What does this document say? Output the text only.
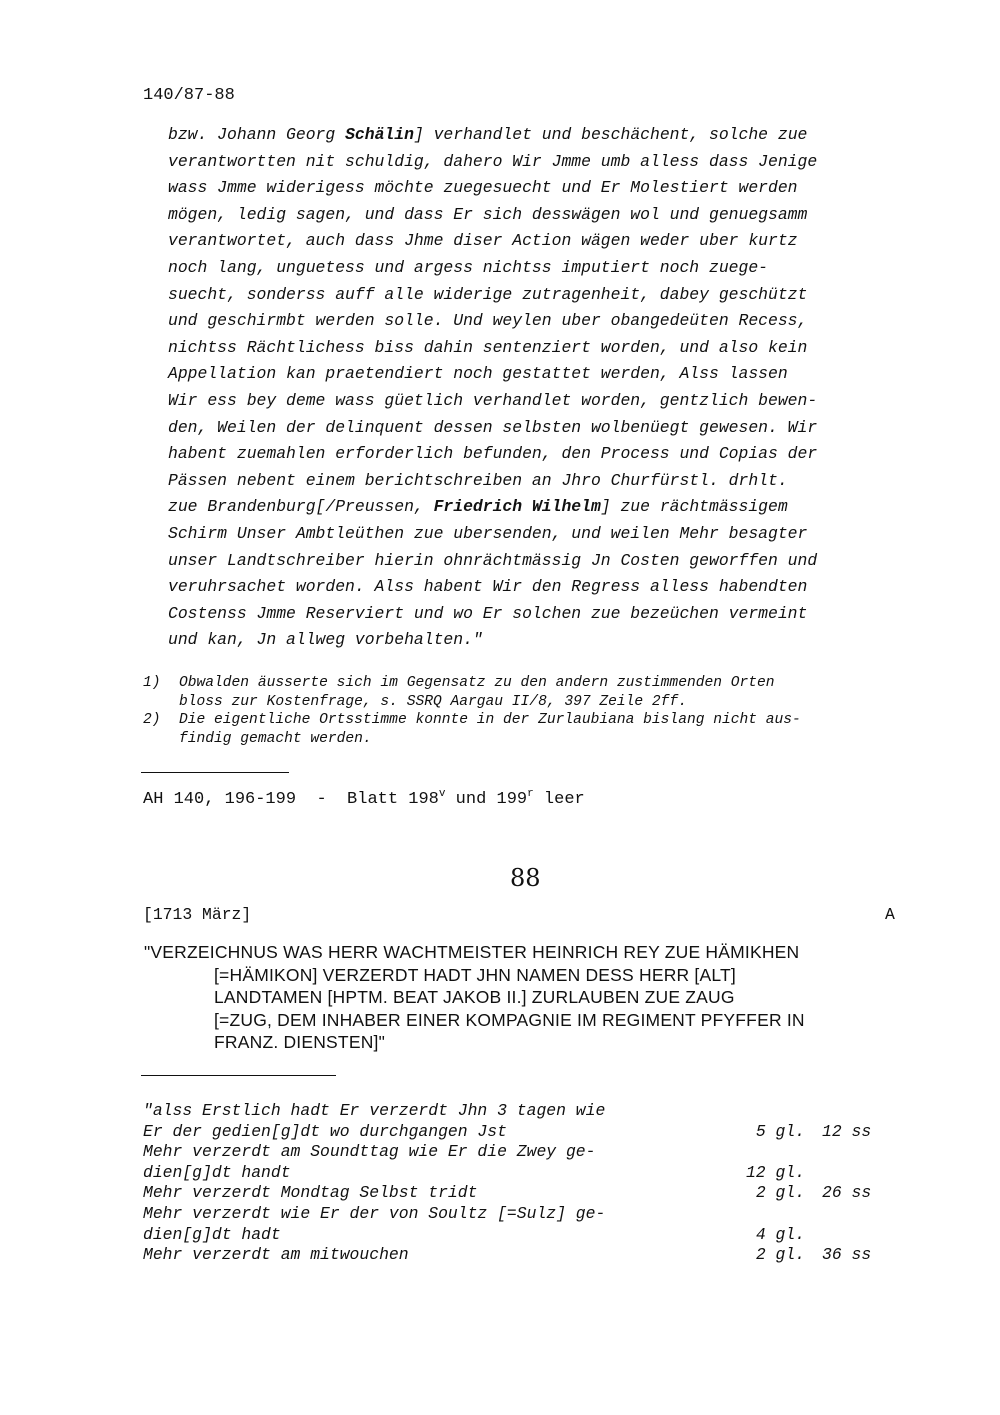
140/87-88
bzw. Johann Georg Schälin] verhandlet und beschächent, solche zue
verantwortten nit schuldig, dahero Wir Jmme umb alless dass Jenige
wass Jmme widerigess möchte zuegesuecht und Er Molestiert werden
mögen, ledig sagen, und dass Er sich desswägen wol und genuegsamm
verantwortet, auch dass Jhme diser Action wägen weder uber kurtz
noch lang, unguetess und argess nichtss imputiert noch zuege-
suecht, sonderss auff alle widerige zutragenheit, dabey geschützt
und geschirmbt werden solle. Und weylen uber obangedeüten Recess,
nichtss Rächtlichess biss dahin sentenziert worden, und also kein
Appellation kan praetendiert noch gestattet werden, Alss lassen
Wir ess bey deme wass güetlich verhandlet worden, gentzlich bewen-
den, Weilen der delinquent dessen selbsten wolbenüegt gewesen. Wir
habent zuemahlen erforderlich befunden, den Process und Copias der
Pässen nebent einem berichtschreiben an Jhro Churfürstl. drhlt.
zue Brandenburg[/Preussen, Friedrich Wilhelm] zue rächtmässigem
Schirm Unser Ambtleüthen zue ubersenden, und weilen Mehr besagter
unser Landtschreiber hierin ohnrächtmässig Jn Costen geworffen und
veruhrsachet worden. Alss habent Wir den Regress alless habendten
Costenss Jmme Reserviert und wo Er solchen zue bezeüchen vermeint
und kan, Jn allweg vorbehalten."
1) Obwalden äusserte sich im Gegensatz zu den andern zustimmenden Orten
bloss zur Kostenfrage, s. SSRQ Aargau II/8, 397 Zeile 2ff.
2) Die eigentliche Ortsstimme konnte in der Zurlaubiana bislang nicht aus-
findig gemacht werden.
AH 140, 196-199 - Blatt 198$^v$ und 199$^r$ leer
88
[1713 März]	A
"VERZEICHNUS WAS HERR WACHTMEISTER HEINRICH REY ZUE HÄMIKHEN
[=HÄMIKON] VERZERDT HADT JHN NAMEN DESS HERR [ALT]
LANDTAMEN [HPTM. BEAT JAKOB II.] ZURLAUBEN ZUE ZAUG
[=ZUG, DEM INHABER EINER KOMPAGNIE IM REGIMENT PFYFFER IN
FRANZ. DIENSTEN]"
"alss Erstlich hadt Er verzerdt Jhn 3 tagen wie
Er der gedien[g]dt wo durchgangen Jst	5 gl. 12 ss
Mehr verzerdt am Soundttag wie Er die Zwey ge-
dien[g]dt handt	12 gl.
Mehr verzerdt Mondtag Selbst tridt	2 gl. 26 ss
Mehr verzerdt wie Er der von Soultz [=Sulz] ge-
dien[g]dt hadt	4 gl.
Mehr verzerdt am mitwouchen	2 gl. 36 ss
